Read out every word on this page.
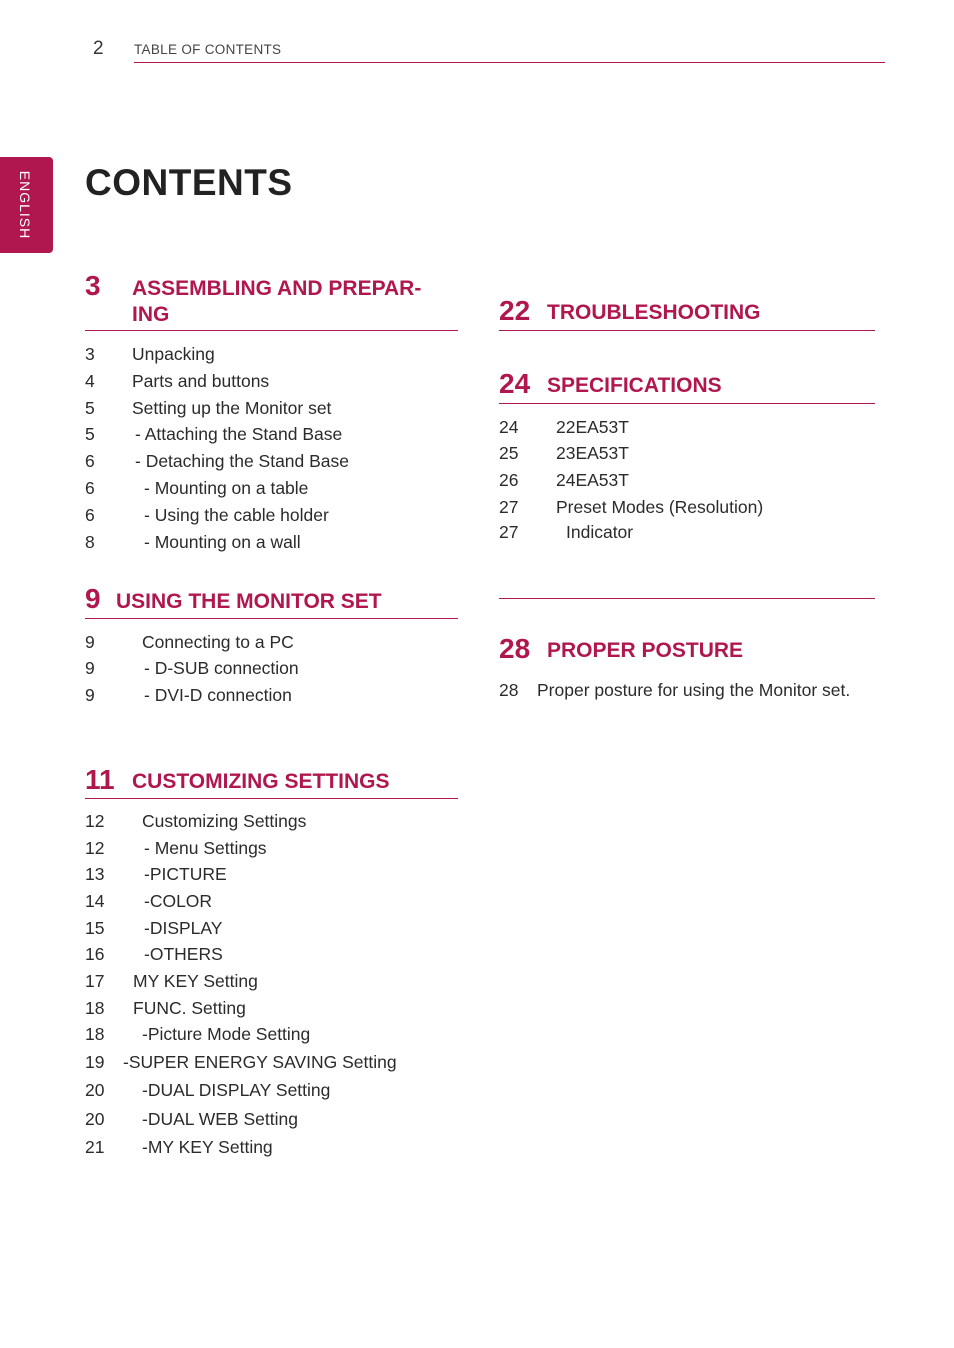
2 TABLE OF CONTENTS
ENGLISH CONTENTS
3 ASSEMBLING AND PREPAR-
ING
3 Unpacking
4 Parts and buttons
5 Setting up the Monitor set
5 - Attaching the Stand Base
6 - Detaching the Stand Base
6	- Mounting on a table
6	- Using the cable holder
8	- Mounting on a wall
9 USING THE MONITOR SET
9	Connecting to a PC
9	- D-SUB connection
9	- DVI-D connection
11 CUSTOMIZING SETTINGS
12 Customizing Settings
12 - Menu Settings
13 -PICTURE
14 -COLOR
15 -DISPLAY
16 -OTHERS
17 MY KEY Setting
18 FUNC. Setting
18 -Picture Mode Setting
19 -SUPER ENERGY SAVING Setting
20 -DUAL DISPLAY Setting
20 -DUAL WEB Setting
21 -MY KEY Setting
22 TROUBLESHOOTING
24 SPECIFICATIONS
24 22EA53T
25 23EA53T
26 24EA53T
27 Preset Modes (Resolution)
27	Indicator
28 PROPER POSTURE
28 Proper posture for using the Monitor set.
